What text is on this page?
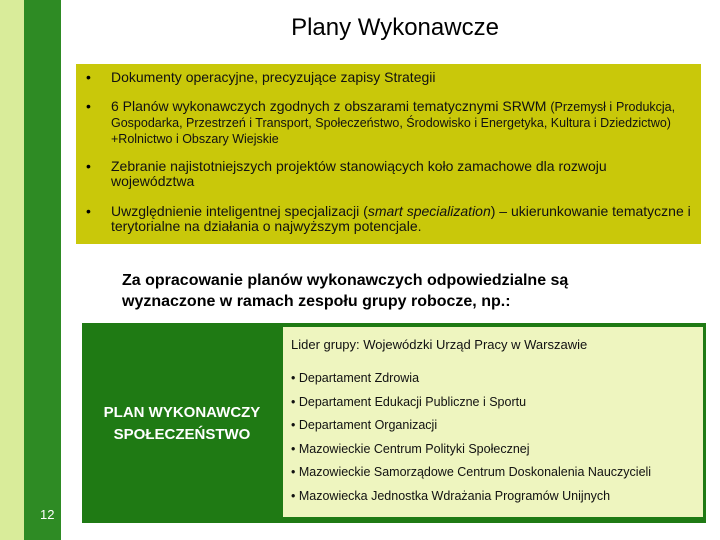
Plany Wykonawcze
• Dokumenty operacyjne, precyzujące zapisy Strategii
• 6 Planów wykonawczych zgodnych z obszarami tematycznymi SRWM (Przemysł i Produkcja, Gospodarka, Przestrzeń i Transport, Społeczeństwo, Środowisko i Energetyka, Kultura i Dziedzictwo) +Rolnictwo i Obszary Wiejskie
• Zebranie najistotniejszych projektów stanowiących koło zamachowe dla rozwoju województwa
• Uwzględnienie inteligentnej specjalizacji (smart specialization) – ukierunkowanie tematyczne i terytorialne na działania o najwyższym potencjale.
Za opracowanie planów wykonawczych odpowiedzialne są wyznaczone w ramach zespołu grupy robocze, np.:
PLAN WYKONAWCZY
SPOŁECZEŃSTWO
Lider grupy: Wojewódzki Urząd Pracy w Warszawie
• Departament Zdrowia
• Departament Edukacji Publiczne i Sportu
• Departament Organizacji
• Mazowieckie Centrum Polityki Społecznej
• Mazowieckie Samorządowe Centrum Doskonalenia Nauczycieli
• Mazowiecka Jednostka Wdrażania Programów Unijnych
12
